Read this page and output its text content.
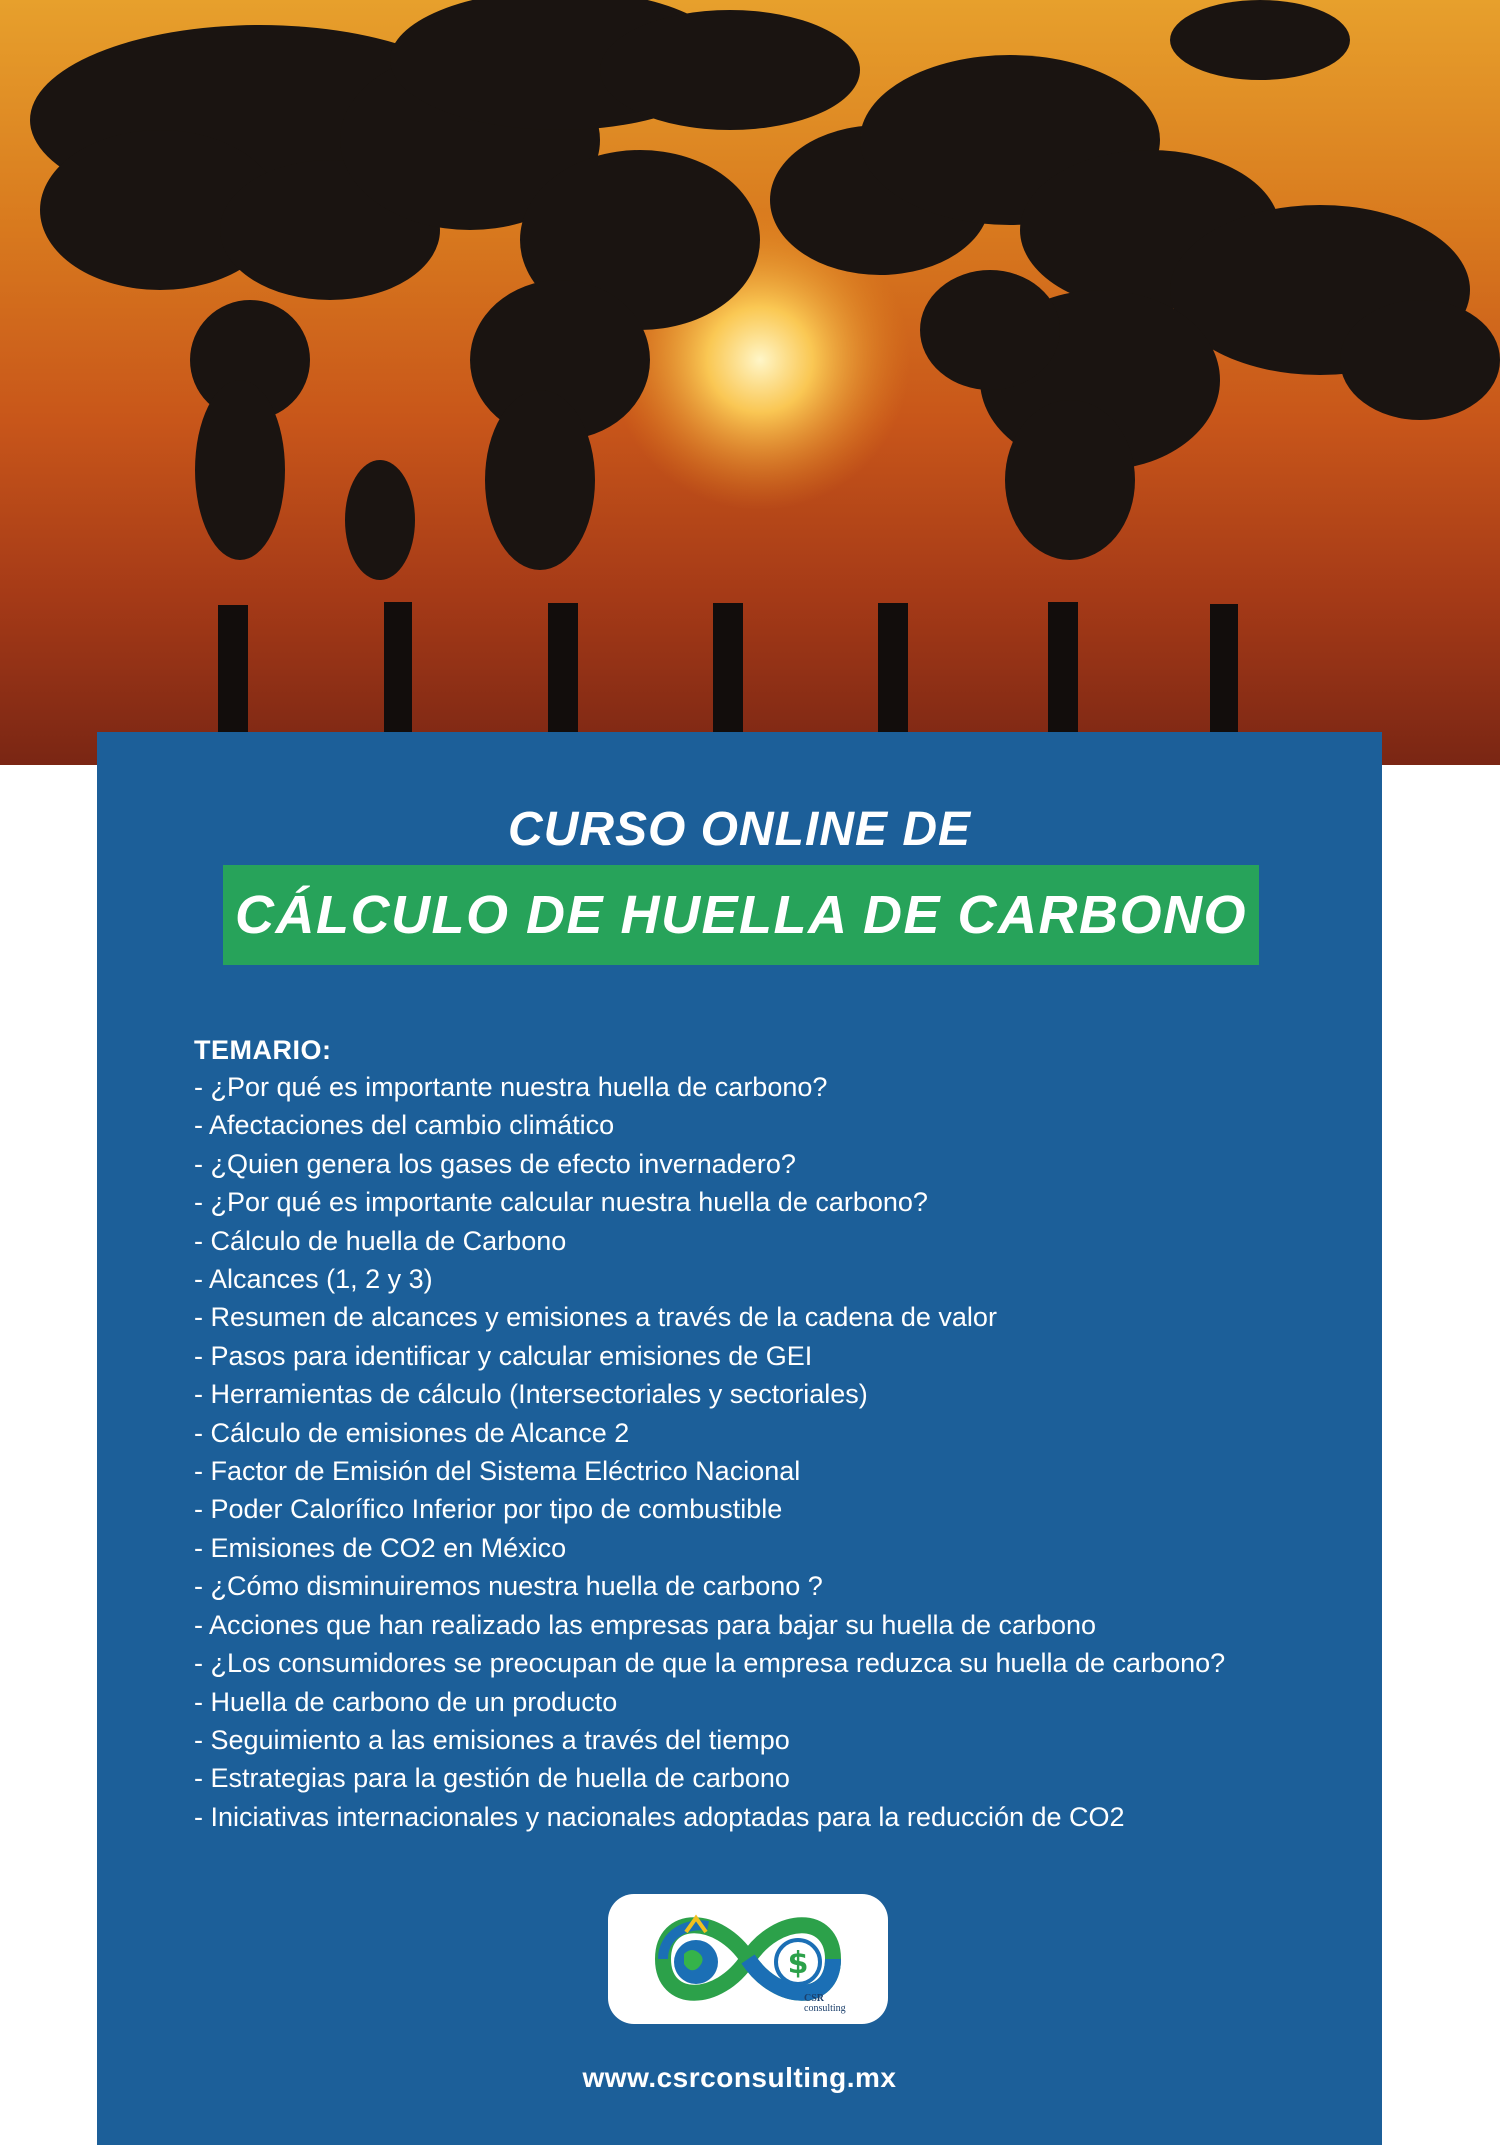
CURSO ONLINE DE
CÁLCULO DE HUELLA DE CARBONO
TEMARIO:
- ¿Por qué es importante nuestra huella de carbono?
- Afectaciones del cambio climático
- ¿Quien genera los gases de efecto invernadero?
- ¿Por qué es importante calcular nuestra huella de carbono?
- Cálculo de huella de Carbono
- Alcances (1, 2 y 3)
- Resumen de alcances y emisiones a través de la cadena de valor
- Pasos para identificar y calcular emisiones de GEI
- Herramientas de cálculo (Intersectoriales y sectoriales)
- Cálculo de emisiones de Alcance 2
- Factor de Emisión del Sistema Eléctrico Nacional
- Poder Calorífico Inferior por tipo de combustible
- Emisiones de CO2 en México
- ¿Cómo disminuiremos nuestra huella de carbono ?
- Acciones que han realizado las empresas para bajar su huella de carbono
- ¿Los consumidores se preocupan de que la empresa reduzca su huella de carbono?
- Huella de carbono de un producto
- Seguimiento a las emisiones a través del tiempo
- Estrategias para la gestión de huella de carbono
- Iniciativas internacionales y nacionales adoptadas para la reducción de CO2
$
CSR
consulting
www.csrconsulting.mx
